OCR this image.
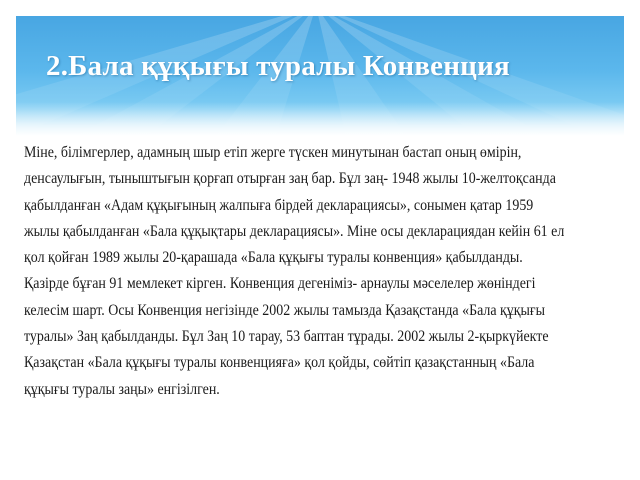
2.Бала құқығы туралы Конвенция

Міне, білімгерлер, адамның шыр етіп жерге түскен минутынан бастап оның өмірін,
денсаулығын, тыныштығын қорғап отырған заң бар. Бұл заң- 1948 жылы 10-желтоқсанда
қабылданған «Адам құқығының жалпыға бірдей декларациясы», сонымен қатар 1959
жылы қабылданған «Бала құқықтары декларациясы». Міне осы декларациядан кейін 61 ел
қол қойған 1989 жылы 20-қарашада «Бала құқығы туралы конвенция» қабылданды.
Қазірде бұған 91 мемлекет кірген. Конвенция дегеніміз- арнаулы мәселелер жөніндегі
келесім шарт. Осы Конвенция негізінде 2002 жылы тамызда Қазақстанда «Бала құқығы
туралы» Заң қабылданды. Бұл Заң 10 тарау, 53 баптан тұрады. 2002 жылы 2-қыркүйекте
Қазақстан «Бала құқығы туралы конвенцияға» қол қойды, сөйтіп қазақстанның «Бала
құқығы туралы заңы» енгізілген.
